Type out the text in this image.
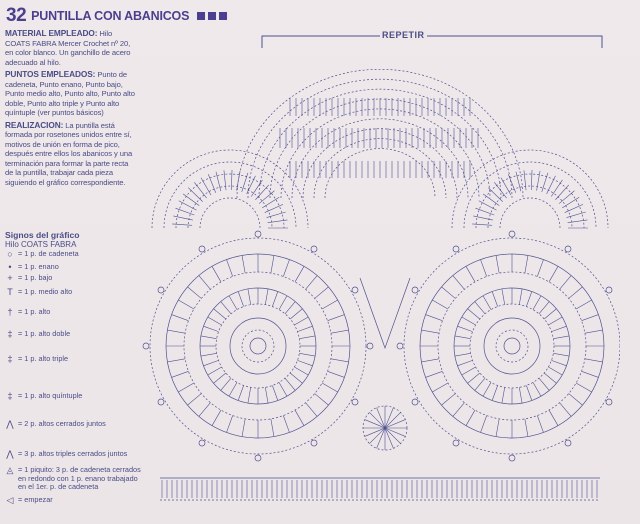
32 PUNTILLA CON ABANICOS

MATERIAL EMPLEADO: Hilo COATS FABRA Mercer Crochet nº 20, en color blanco. Un ganchillo de acero adecuado al hilo.

PUNTOS EMPLEADOS: Punto de cadeneta, Punto enano, Punto bajo, Punto medio alto, Punto alto, Punto alto doble, Punto alto triple y Punto alto quíntuple (ver puntos básicos)

REALIZACION: La puntilla está formada por rosetones unidos entre sí, motivos de unión en forma de pico, después entre ellos los abanicos y una terminación para formar la parte recta de la puntilla, trabajar cada pieza siguiendo el gráfico correspondiente.

Signos del gráfico
Hilo COATS FABRA
○ = 1 p. de cadeneta
• = 1 p. enano
+ = 1 p. bajo
T = 1 p. medio alto
† = 1 p. alto
‡ = 1 p. alto doble
‡ = 1 p. alto triple
‡ = 1 p. alto quíntuple
⋀ = 2 p. altos cerrados juntos
⋀ = 3 p. altos triples cerrados juntos
◬ = 1 piquito: 3 p. de cadeneta cerrados en redondo con 1 p. enano trabajado en el 1er. p. de cadeneta
◁ = empezar
REPETIR
